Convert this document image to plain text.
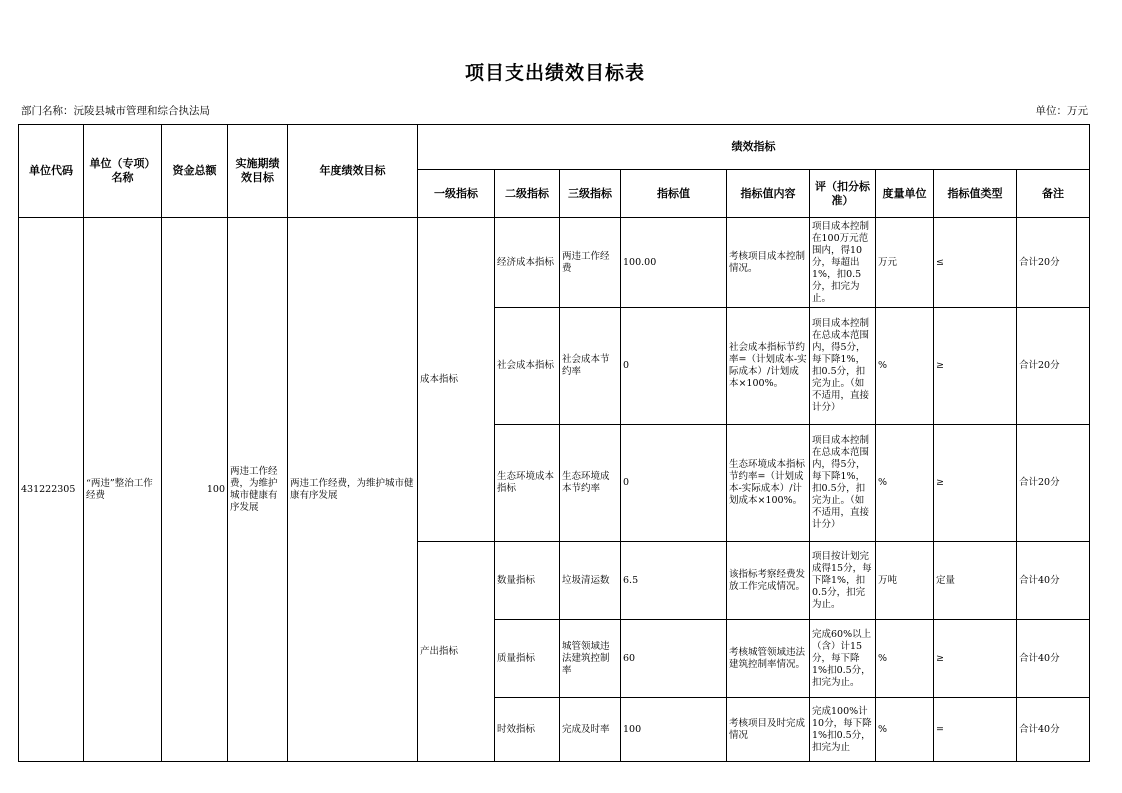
项目支出绩效目标表
部门名称：沅陵县城市管理和综合执法局	单位：万元
单位代码	单位（专项）名称	资金总额	实施期绩效目标	年度绩效目标	绩效指标								
					一级指标	二级指标	三级指标	指标值	指标值内容	评（扣分标准）	度量单位	指标值类型	备注
431222305	“两违”整治工作经费	100	两违工作经费，为维护城市健康有序发展	两违工作经费，为维护城市健康有序发展	成本指标	经济成本指标	两违工作经费	100.00	考核项目成本控制情况。	项目成本控制在100万元范围内，得10分，每超出1%，扣0.5分，扣完为止。	万元	≤	合计20分
						社会成本指标	社会成本节约率	0	社会成本指标节约率=（计划成本-实际成本）/计划成本×100%。	项目成本控制在总成本范围内，得5分，每下降1%，扣0.5分，扣完为止。（如不适用，直接计分）	%	≥	合计20分
						生态环境成本指标	生态环境成本节约率	0	生态环境成本指标节约率=（计划成本-实际成本）/计划成本×100%。	项目成本控制在总成本范围内，得5分，每下降1%，扣0.5分，扣完为止。（如不适用，直接计分）	%	≥	合计20分
					产出指标	数量指标	垃圾清运数	6.5	该指标考察经费发放工作完成情况。	项目按计划完成得15分，每下降1%，扣0.5分，扣完为止。	万吨	定量	合计40分
						质量指标	城管领域违法建筑控制率	60	考核城管领域违法建筑控制率情况。	完成60%以上（含）计15分，每下降1%扣0.5分，扣完为止。	%	≥	合计40分
						时效指标	完成及时率	100	考核项目及时完成情况	完成100%计10分，每下降1%扣0.5分，扣完为止	%	=	合计40分
